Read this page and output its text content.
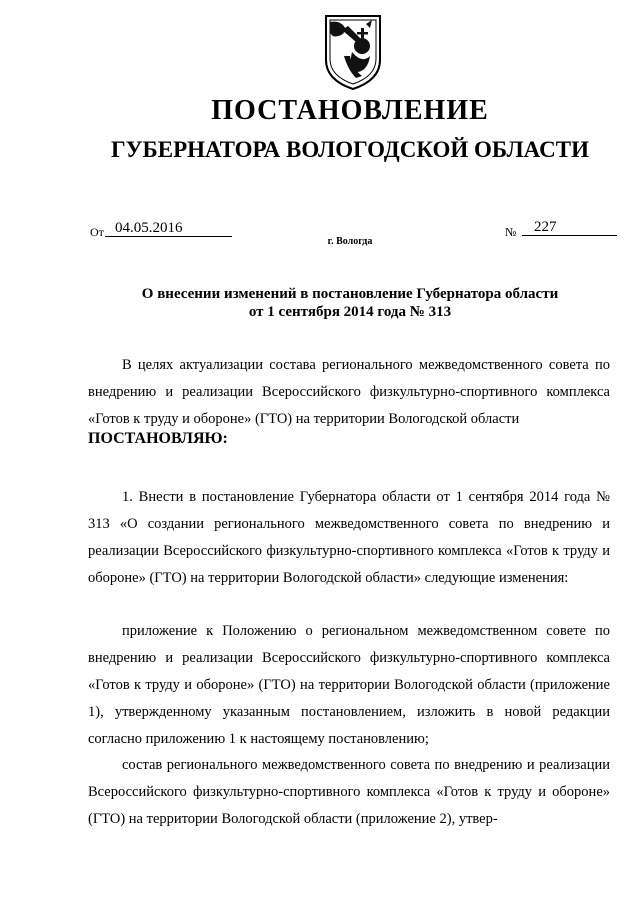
ПОСТАНОВЛЕНИЕ
ГУБЕРНАТОРА ВОЛОГОДСКОЙ ОБЛАСТИ
От 04.05.2016	№	227
г. Вологда
О внесении изменений в постановление Губернатора области
от 1 сентября 2014 года № 313

В целях актуализации состава регионального межведомственного совета по внедрению и реализации Всероссийского физкультурно-спортивного комплекса «Готов к труду и обороне» (ГТО) на территории Вологодской области

ПОСТАНОВЛЯЮ:

1. Внести в постановление Губернатора области от 1 сентября 2014 года № 313 «О создании регионального межведомственного совета по внедрению и реализации Всероссийского физкультурно-спортивного комплекса «Готов к труду и обороне» (ГТО) на территории Вологодской области» следующие изменения:

приложение к Положению о региональном межведомственном совете по внедрению и реализации Всероссийского физкультурно-спортивного комплекса «Готов к труду и обороне» (ГТО) на территории Вологодской области (приложение 1), утвержденному указанным постановлением, изложить в новой редакции согласно приложению 1 к настоящему постановлению;

состав регионального межведомственного совета по внедрению и реализации Всероссийского физкультурно-спортивного комплекса «Готов к труду и обороне» (ГТО) на территории Вологодской области (приложение 2), утвер-
